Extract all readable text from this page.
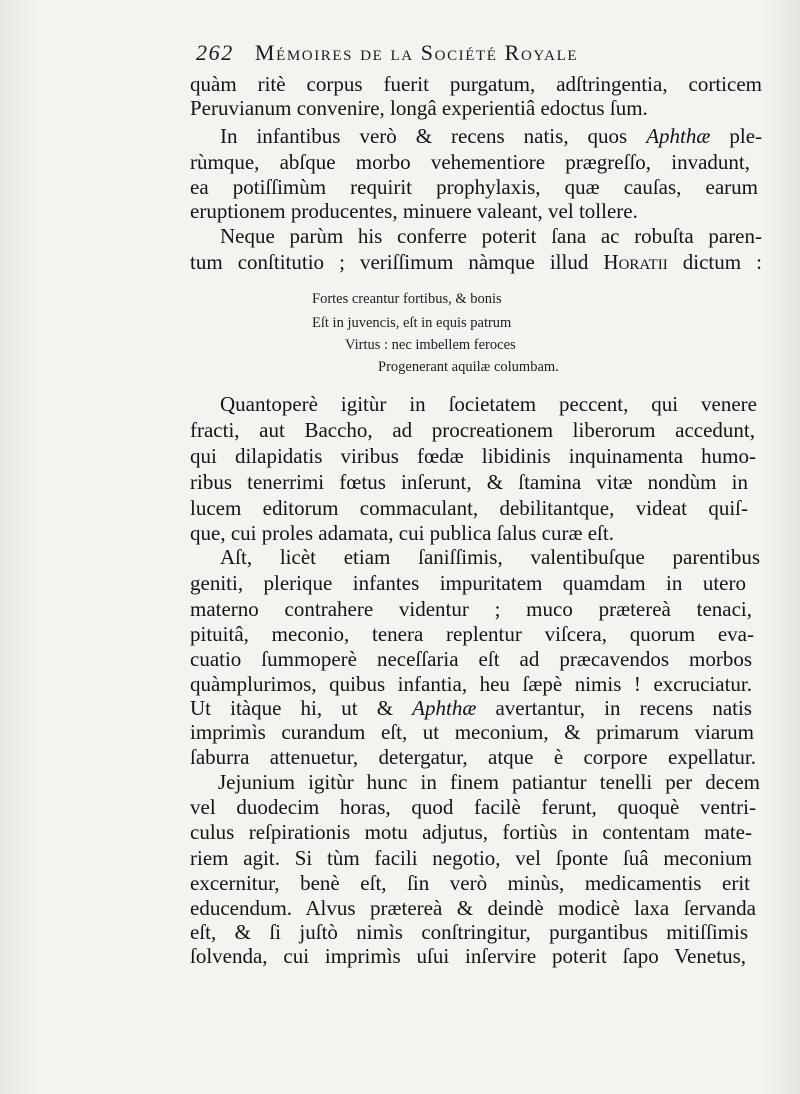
262 Mémoires de la Société Royale
quàm ritè corpus fuerit purgatum, adſtringentia, corticem
Peruvianum convenire, longâ experientiâ edoctus ſum.
In infantibus verò & recens natis, quos Aphthæ ple-
rùmque, abſque morbo vehementiore prægreſſo, invadunt,
ea potiſſimùm requirit prophylaxis, quæ cauſas, earum
eruptionem producentes, minuere valeant, vel tollere.
Neque parùm his conferre poterit ſana ac robuſta paren-
tum conſtitutio ; veriſſimum nàmque illud Horatii dictum :
Fortes creantur fortibus, & bonis
Eſt in juvencis, eſt in equis patrum
Virtus : nec imbellem feroces
Progenerant aquilæ columbam.
Quantoperè igitùr in ſocietatem peccent, qui venere
fracti, aut Baccho, ad procreationem liberorum accedunt,
qui dilapidatis viribus fœdæ libidinis inquinamenta humo-
ribus tenerrimi fœtus inſerunt, & ſtamina vitæ nondùm in
lucem editorum commaculant, debilitantque, videat quiſ-
que, cui proles adamata, cui publica ſalus curæ eſt.
Aſt, licèt etiam ſaniſſimis, valentibuſque parentibus
geniti, plerique infantes impuritatem quamdam in utero
materno contrahere videntur ; muco prætereà tenaci,
pituitâ, meconio, tenera replentur viſcera, quorum eva-
cuatio ſummoperè neceſſaria eſt ad præcavendos morbos
quàmplurimos, quibus infantia, heu ſæpè nimis ! excruciatur.
Ut itàque hi, ut & Aphthæ avertantur, in recens natis
imprimìs curandum eſt, ut meconium, & primarum viarum
ſaburra attenuetur, detergatur, atque è corpore expellatur.
Jejunium igitùr hunc in finem patiantur tenelli per decem
vel duodecim horas, quod facilè ferunt, quoquè ventri-
culus reſpirationis motu adjutus, fortiùs in contentam mate-
riem agit. Si tùm facili negotio, vel ſponte ſuâ meconium
excernitur, benè eſt, ſin verò minùs, medicamentis erit
educendum. Alvus prætereà & deindè modicè laxa ſervanda
eſt, & ſi juſtò nimìs conſtringitur, purgantibus mitiſſimis
ſolvenda, cui imprimìs uſui inſervire poterit ſapo Venetus,
